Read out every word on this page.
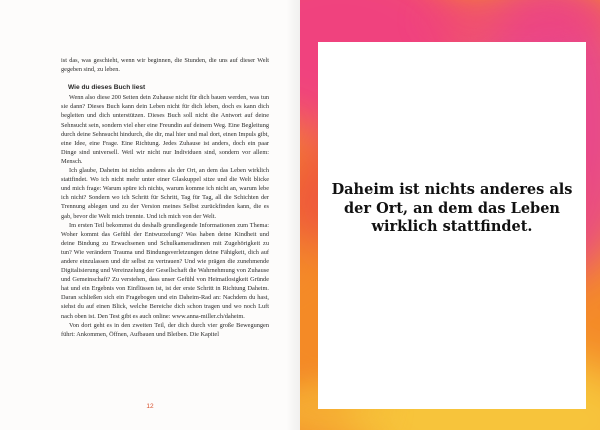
ist das, was geschieht, wenn wir beginnen, die Stunden, die uns auf dieser Welt gegeben sind, zu leben.

Wie du dieses Buch liest

Wenn also diese 200 Seiten dein Zuhause nicht für dich bauen werden, was tun sie dann? Dieses Buch kann dein Leben nicht für dich leben, doch es kann dich begleiten und dich unterstützen. Dieses Buch soll nicht die Antwort auf deine Sehnsucht sein, sondern viel eher eine Freundin auf deinem Weg. Eine Begleitung durch deine Sehnsucht hindurch, die dir, mal hier und mal dort, einen Impuls gibt, eine Idee, eine Frage. Eine Richtung. Jedes Zuhause ist anders, doch ein paar Dinge sind universell. Weil wir nicht nur Individuen sind, sondern vor allem: Mensch.

Ich glaube, Daheim ist nichts anderes als der Ort, an dem das Leben wirklich stattfindet. Wo ich nicht mehr unter einer Glaskuppel sitze und die Welt blicke und mich frage: Warum spüre ich nichts, warum komme ich nicht an, warum lebe ich nicht? Sondern wo ich Schritt für Schritt, Tag für Tag, all die Schichten der Trennung ablegen und zu der Version meines Selbst zurückfinden kann, die es gab, bevor die Welt mich trennte. Und ich mich von der Welt.

Im ersten Teil bekommst du deshalb grundlegende Informationen zum Thema: Woher kommt das Gefühl der Entwurzelung? Was haben deine Kindheit und deine Bindung zu Erwachsenen und Schulkameradinnen mit Zugehörigkeit zu tun? Wie verändern Trauma und Bindungsverletzungen deine Fähigkeit, dich auf andere einzulassen und dir selbst zu vertrauen? Und wie prägen die zunehmende Digitalisierung und Vereinzelung der Gesellschaft die Wahrnehmung von Zuhause und Gemeinschaft? Zu verstehen, dass unser Gefühl von Heimatlosigkeit Gründe hat und ein Ergebnis von Einflüssen ist, ist der erste Schritt in Richtung Daheim. Daran schließen sich ein Fragebogen und ein Daheim-Rad an: Nachdem du hast, siehst du auf einen Blick, welche Bereiche dich schon tragen und wo noch Luft nach oben ist. Den Test gibt es auch online: www.anna-miller.ch/daheim.

Von dort geht es in den zweiten Teil, der dich durch vier große Bewegungen führt: Ankommen, Öffnen, Aufbauen und Bleiben. Die Kapitel

12
Daheim ist nichts anderes als der Ort, an dem das Leben wirklich stattfindet.
